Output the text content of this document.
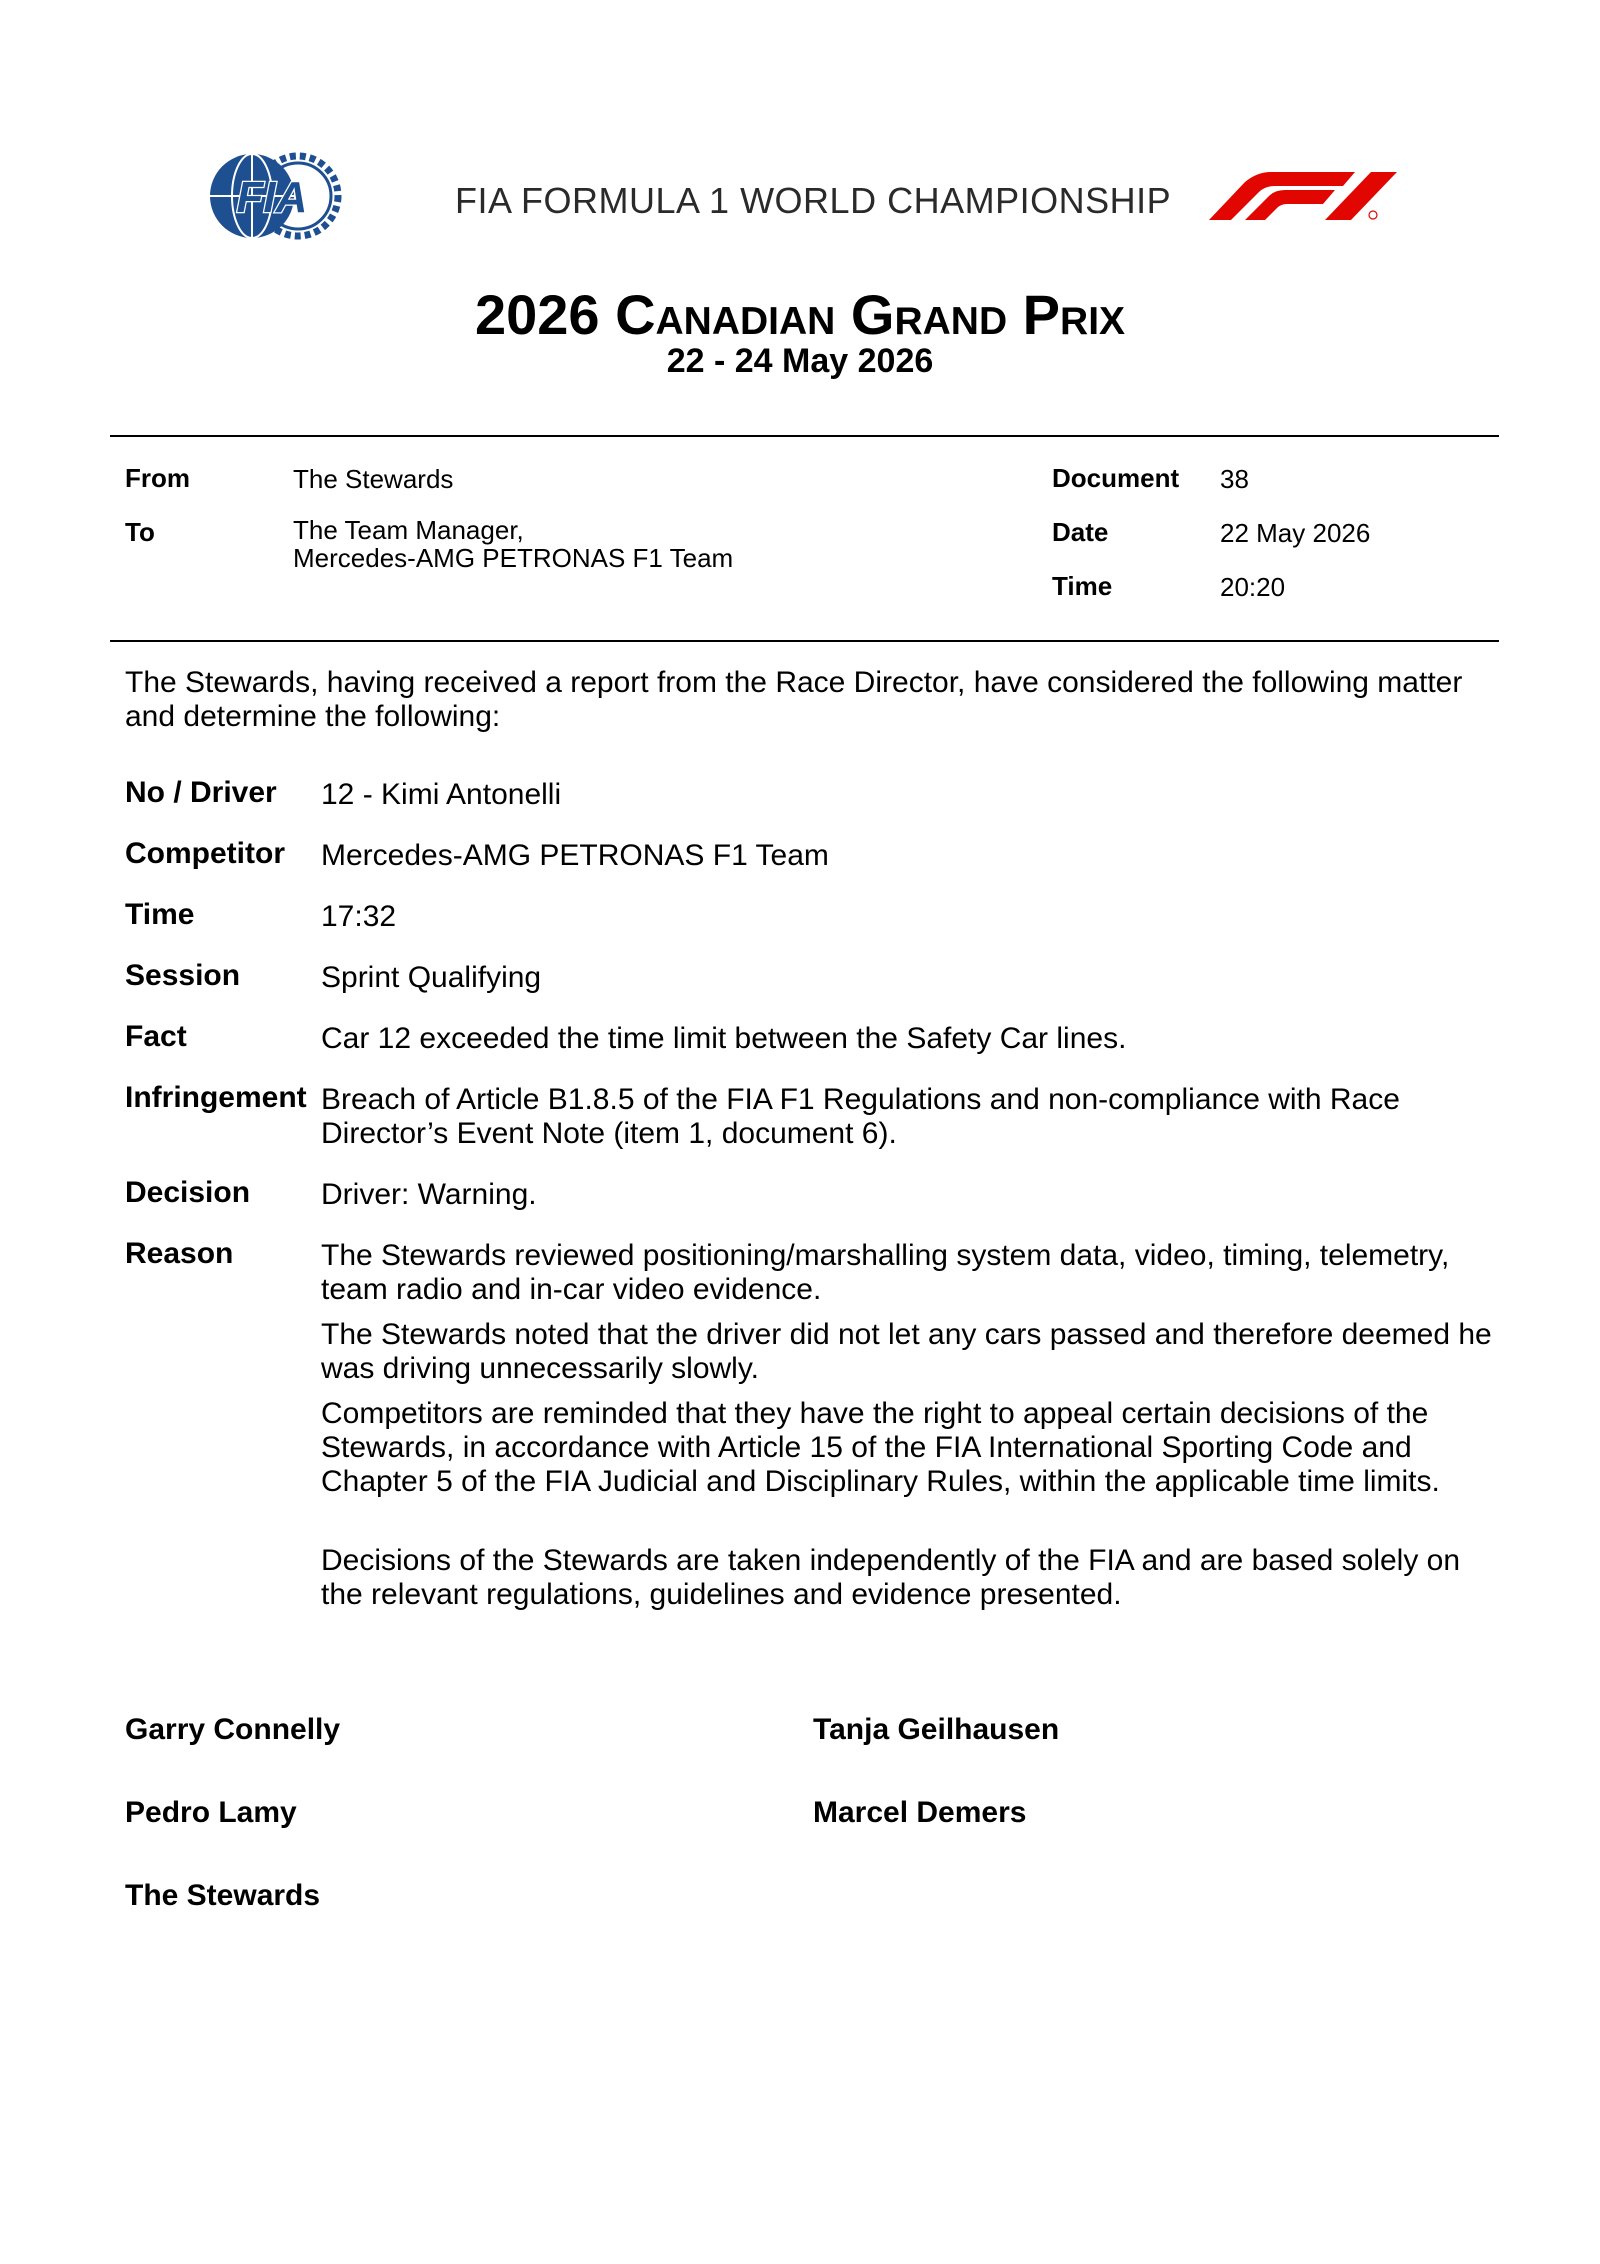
FIA	FIA FORMULA 1 WORLD CHAMPIONSHIP
2026 Canadian Grand Prix
22 - 24 May 2026
From	The Stewards
To	The Team Manager,
Mercedes-AMG PETRONAS F1 Team
Document 38
Date	22 May 2026
Time	20:20
The Stewards, having received a report from the Race Director, have considered the following matter and determine the following:
No / Driver 12 - Kimi Antonelli
Competitor Mercedes-AMG PETRONAS F1 Team
Time	17:32
Session	Sprint Qualifying
Fact	Car 12 exceeded the time limit between the Safety Car lines.
Infringement Breach of Article B1.8.5 of the FIA F1 Regulations and non-compliance with Race Director’s Event Note (item 1, document 6).
Decision Driver: Warning.
Reason	The Stewards reviewed positioning/marshalling system data, video, timing, telemetry, team radio and in-car video evidence.
The Stewards noted that the driver did not let any cars passed and therefore deemed he was driving unnecessarily slowly.
Competitors are reminded that they have the right to appeal certain decisions of the Stewards, in accordance with Article 15 of the FIA International Sporting Code and Chapter 5 of the FIA Judicial and Disciplinary Rules, within the applicable time limits.
Decisions of the Stewards are taken independently of the FIA and are based solely on the relevant regulations, guidelines and evidence presented.
Garry Connelly	Tanja Geilhausen
Pedro Lamy	Marcel Demers
The Stewards
